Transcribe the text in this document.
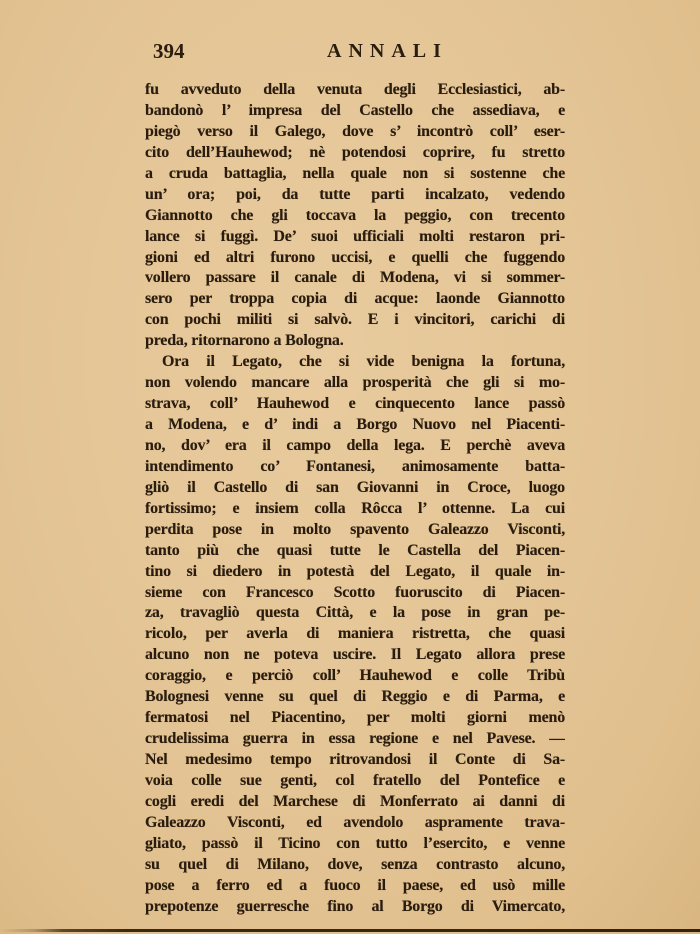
394	ANNALI
fu avveduto della venuta degli Ecclesiastici, ab-
bandonò l’ impresa del Castello che assediava, e
piegò verso il Galego, dove s’ incontrò coll’ eser-
cito dell’Hauhewod; nè potendosi coprire, fu stretto
a cruda battaglia, nella quale non si sostenne che
un’ ora; poi, da tutte parti incalzato, vedendo
Giannotto che gli toccava la peggio, con trecento
lance si fuggì. De’ suoi ufficiali molti restaron pri-
gioni ed altri furono uccisi, e quelli che fuggendo
vollero passare il canale di Modena, vi si sommer-
sero per troppa copia di acque: laonde Giannotto
con pochi militi si salvò. E i vincitori, carichi di
preda, ritornarono a Bologna.
Ora il Legato, che si vide benigna la fortuna,
non volendo mancare alla prosperità che gli si mo-
strava, coll’ Hauhewod e cinquecento lance passò
a Modena, e d’ indi a Borgo Nuovo nel Piacenti-
no, dov’ era il campo della lega. E perchè aveva
intendimento co’ Fontanesi, animosamente batta-
gliò il Castello di san Giovanni in Croce, luogo
fortissimo; e insiem colla Rôcca l’ ottenne. La cui
perdita pose in molto spavento Galeazzo Visconti,
tanto più che quasi tutte le Castella del Piacen-
tino si diedero in potestà del Legato, il quale in-
sieme con Francesco Scotto fuoruscito di Piacen-
za, travagliò questa Città, e la pose in gran pe-
ricolo, per averla di maniera ristretta, che quasi
alcuno non ne poteva uscire. Il Legato allora prese
coraggio, e perciò coll’ Hauhewod e colle Tribù
Bolognesi venne su quel di Reggio e di Parma, e
fermatosi nel Piacentino, per molti giorni menò
crudelissima guerra in essa regione e nel Pavese. —
Nel medesimo tempo ritrovandosi il Conte di Sa-
voia colle sue genti, col fratello del Pontefice e
cogli eredi del Marchese di Monferrato ai danni di
Galeazzo Visconti, ed avendolo aspramente trava-
gliato, passò il Ticino con tutto l’esercito, e venne
su quel di Milano, dove, senza contrasto alcuno,
pose a ferro ed a fuoco il paese, ed usò mille
prepotenze guerresche fino al Borgo di Vimercato,
